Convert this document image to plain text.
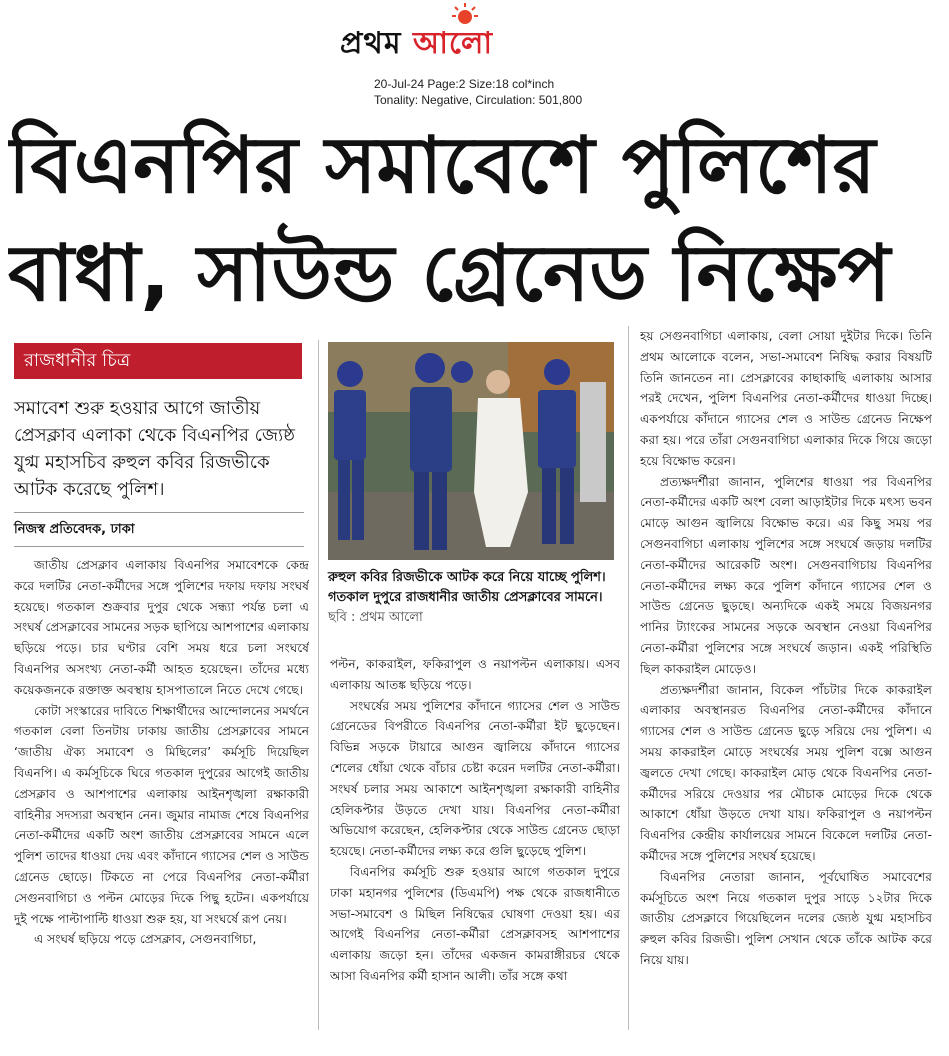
প্রথম আলো
20-Jul-24 Page:2 Size:18 col*inch
Tonality: Negative, Circulation: 501,800
বিএনপির সমাবেশে পুলিশের
বাধা, সাউন্ড গ্রেনেড নিক্ষেপ
রাজধানীর চিত্র
সমাবেশ শুরু হওয়ার আগে জাতীয় প্রেসক্লাব এলাকা থেকে বিএনপির জ্যেষ্ঠ যুগ্ম মহাসচিব রুহুল কবির রিজভীকে আটক করেছে পুলিশ।
নিজস্ব প্রতিবেদক, ঢাকা

জাতীয় প্রেসক্লাব এলাকায় বিএনপির সমাবেশকে কেন্দ্র করে দলটির নেতা-কর্মীদের সঙ্গে পুলিশের দফায় দফায় সংঘর্ষ হয়েছে। গতকাল শুক্রবার দুপুর থেকে সন্ধ্যা পর্যন্ত চলা এ সংঘর্ষ প্রেসক্লাবের সামনের সড়ক ছাপিয়ে আশপাশের এলাকায় ছড়িয়ে পড়ে। চার ঘণ্টার বেশি সময় ধরে চলা সংঘর্ষে বিএনপির অসংখ্য নেতা-কর্মী আহত হয়েছেন। তাঁদের মধ্যে কয়েকজনকে রক্তাক্ত অবস্থায় হাসপাতালে নিতে দেখে গেছে।

কোটা সংস্কারের দাবিতে শিক্ষার্থীদের আন্দোলনের সমর্থনে গতকাল বেলা তিনটায় ঢাকায় জাতীয় প্রেসক্লাবের সামনে ‘জাতীয় ঐক্য সমাবেশ ও মিছিলের’ কর্মসূচি দিয়েছিল বিএনপি। এ কর্মসূচিকে ঘিরে গতকাল দুপুরের আগেই জাতীয় প্রেসক্লাব ও আশপাশের এলাকায় আইনশৃঙ্খলা রক্ষাকারী বাহিনীর সদস্যরা অবস্থান নেন। জুমার নামাজ শেষে বিএনপির নেতা-কর্মীদের একটি অংশ জাতীয় প্রেসক্লাবের সামনে এলে পুলিশ তাদের ধাওয়া দেয় এবং কাঁদানে গ্যাসের শেল ও সাউন্ড গ্রেনেড ছোড়ে। টিকতে না পেরে বিএনপির নেতা-কর্মীরা সেগুনবাগিচা ও পল্টন মোড়ের দিকে পিছু হটেন। একপর্যায়ে দুই পক্ষে পাল্টাপাল্টি ধাওয়া শুরু হয়, যা সংঘর্ষে রূপ নেয়।

এ সংঘর্ষ ছড়িয়ে পড়ে প্রেসক্লাব, সেগুনবাগিচা,

রুহুল কবির রিজভীকে আটক করে নিয়ে যাচ্ছে পুলিশ। গতকাল দুপুরে রাজধানীর জাতীয় প্রেসক্লাবের সামনে। ছবি : প্রথম আলো

পল্টন, কাকরাইল, ফকিরাপুল ও নয়াপল্টন এলাকায়। এসব এলাকায় আতঙ্ক ছড়িয়ে পড়ে।

সংঘর্ষের সময় পুলিশের কাঁদানে গ্যাসের শেল ও সাউন্ড গ্রেনেডের বিপরীতে বিএনপির নেতা-কর্মীরা ইট ছুড়েছেন। বিভিন্ন সড়কে টায়ারে আগুন জ্বালিয়ে কাঁদানে গ্যাসের শেলের ধোঁয়া থেকে বাঁচার চেষ্টা করেন দলটির নেতা-কর্মীরা। সংঘর্ষ চলার সময় আকাশে আইনশৃঙ্খলা রক্ষাকারী বাহিনীর হেলিকপ্টার উড়তে দেখা যায়। বিএনপির নেতা-কর্মীরা অভিযোগ করেছেন, হেলিকপ্টার থেকে সাউন্ড গ্রেনেড ছোড়া হয়েছে। নেতা-কর্মীদের লক্ষ্য করে গুলি ছুড়েছে পুলিশ।

বিএনপির কর্মসূচি শুরু হওয়ার আগে গতকাল দুপুরে ঢাকা মহানগর পুলিশের (ডিএমপি) পক্ষ থেকে রাজধানীতে সভা-সমাবেশ ও মিছিল নিষিদ্ধের ঘোষণা দেওয়া হয়। এর আগেই বিএনপির নেতা-কর্মীরা প্রেসক্লাবসহ আশপাশের এলাকায় জড়ো হন। তাঁদের একজন কামরাঙ্গীরচর থেকে আসা বিএনপির কর্মী হাসান আলী। তাঁর সঙ্গে কথা

হয় সেগুনবাগিচা এলাকায়, বেলা সোয়া দুইটার দিকে। তিনি প্রথম আলোকে বলেন, সভা-সমাবেশ নিষিদ্ধ করার বিষয়টি তিনি জানতেন না। প্রেসক্লাবের কাছাকাছি এলাকায় আসার পরই দেখেন, পুলিশ বিএনপির নেতা-কর্মীদের ধাওয়া দিচ্ছে। একপর্যায়ে কাঁদানে গ্যাসের শেল ও সাউন্ড গ্রেনেড নিক্ষেপ করা হয়। পরে তাঁরা সেগুনবাগিচা এলাকার দিকে গিয়ে জড়ো হয়ে বিক্ষোভ করেন।

প্রত্যক্ষদর্শীরা জানান, পুলিশের ধাওয়া পর বিএনপির নেতা-কর্মীদের একটি অংশ বেলা আড়াইটার দিকে মৎস্য ভবন মোড়ে আগুন জ্বালিয়ে বিক্ষোভ করে। এর কিছু সময় পর সেগুনবাগিচা এলাকায় পুলিশের সঙ্গে সংঘর্ষে জড়ায় দলটির নেতা-কর্মীদের আরেকটি অংশ। সেগুনবাগিচায় বিএনপির নেতা-কর্মীদের লক্ষ্য করে পুলিশ কাঁদানে গ্যাসের শেল ও সাউন্ড গ্রেনেড ছুড়ছে। অন্যদিকে একই সময়ে বিজয়নগর পানির ট্যাংকের সামনের সড়কে অবস্থান নেওয়া বিএনপির নেতা-কর্মীরা পুলিশের সঙ্গে সংঘর্ষে জড়ান। একই পরিস্থিতি ছিল কাকরাইল মোড়েও।

প্রত্যক্ষদর্শীরা জানান, বিকেল পাঁচটার দিকে কাকরাইল এলাকার অবস্থানরত বিএনপির নেতা-কর্মীদের কাঁদানে গ্যাসের শেল ও সাউন্ড গ্রেনেড ছুড়ে সরিয়ে দেয় পুলিশ। এ সময় কাকরাইল মোড়ে সংঘর্ষের সময় পুলিশ বক্সে আগুন জ্বলতে দেখা গেছে। কাকরাইল মোড় থেকে বিএনপির নেতা-কর্মীদের সরিয়ে দেওয়ার পর মৌচাক মোড়ের দিকে থেকে আকাশে ধোঁয়া উড়তে দেখা যায়। ফকিরাপুল ও নয়াপল্টন বিএনপির কেন্দ্রীয় কার্যালয়ের সামনে বিকেলে দলটির নেতা-কর্মীদের সঙ্গে পুলিশের সংঘর্ষ হয়েছে।

বিএনপির নেতারা জানান, পূর্বঘোষিত সমাবেশের কর্মসূচিতে অংশ নিয়ে গতকাল দুপুর সাড়ে ১২টার দিকে জাতীয় প্রেসক্লাবে গিয়েছিলেন দলের জ্যেষ্ঠ যুগ্ম মহাসচিব রুহুল কবির রিজভী। পুলিশ সেখান থেকে তাঁকে আটক করে নিয়ে যায়।
